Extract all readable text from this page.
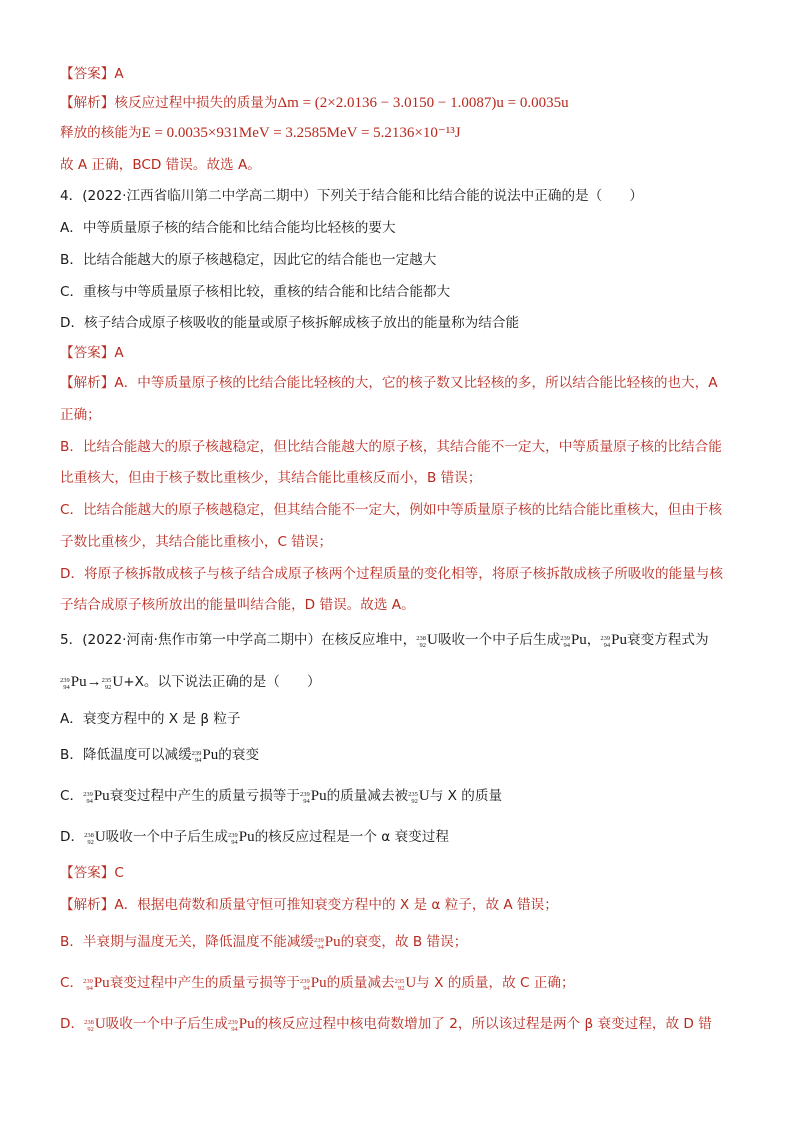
【答案】A
【解析】核反应过程中损失的质量为Δm = (2×2.0136 − 3.0150 − 1.0087)u = 0.0035u
释放的核能为E = 0.0035×931MeV = 3.2585MeV = 5.2136×10⁻¹³J
故 A 正确，BCD 错误。故选 A。
4．(2022·江西省临川第二中学高二期中）下列关于结合能和比结合能的说法中正确的是（　　）
A．中等质量原子核的结合能和比结合能均比轻核的要大
B．比结合能越大的原子核越稳定，因此它的结合能也一定越大
C．重核与中等质量原子核相比较，重核的结合能和比结合能都大
D．核子结合成原子核吸收的能量或原子核拆解成核子放出的能量称为结合能
【答案】A
【解析】A．中等质量原子核的比结合能比轻核的大，它的核子数又比轻核的多，所以结合能比轻核的也大，A
正确；
B．比结合能越大的原子核越稳定，但比结合能越大的原子核，其结合能不一定大，中等质量原子核的比结合能
比重核大，但由于核子数比重核少，其结合能比重核反而小，B 错误；
C．比结合能越大的原子核越稳定，但其结合能不一定大，例如中等质量原子核的比结合能比重核大，但由于核
子数比重核少，其结合能比重核小，C 错误；
D．将原子核拆散成核子与核子结合成原子核两个过程质量的变化相等，将原子核拆散成核子所吸收的能量与核
子结合成原子核所放出的能量叫结合能，D 错误。故选 A。
5．(2022·河南·焦作市第一中学高二期中）在核反应堆中， 238
92 U吸收一个中子后生成 239
94 Pu， 239
94 Pu衰变方程式为
239
94 Pu→ 235
92 U+X。以下说法正确的是（　　）
A．衰变方程中的 X 是 β 粒子
B．降低温度可以减缓 239
94 Pu的衰变
C． 239
94 Pu衰变过程中产生的质量亏损等于 239
94 Pu的质量减去被 235
92 U与 X 的质量
D． 238
92 U吸收一个中子后生成 239
94 Pu的核反应过程是一个 α 衰变过程
【答案】C
【解析】A．根据电荷数和质量守恒可推知衰变方程中的 X 是 α 粒子，故 A 错误；
B．半衰期与温度无关，降低温度不能减缓 239
94 Pu的衰变，故 B 错误；
C． 239
94 Pu衰变过程中产生的质量亏损等于 239
94 Pu的质量减去 235
92 U与 X 的质量，故 C 正确；
D． 238
92 U吸收一个中子后生成 239
94 Pu的核反应过程中核电荷数增加了 2，所以该过程是两个 β 衰变过程，故 D 错
